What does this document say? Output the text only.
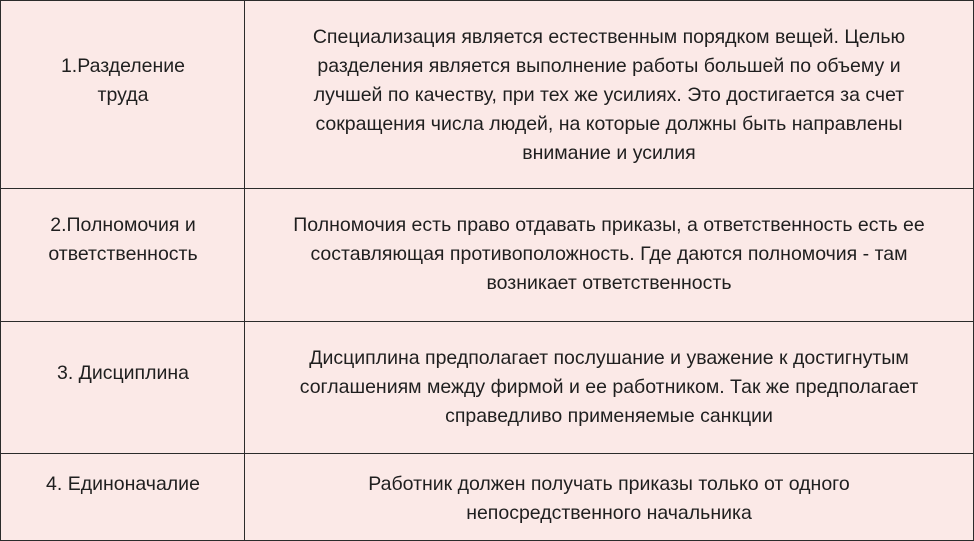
1.Разделение
труда
Специализация является естественным порядком вещей. Целью
разделения является выполнение работы большей по объему и
лучшей по качеству, при тех же усилиях. Это достигается за счет
сокращения числа людей, на которые должны быть направлены
внимание и усилия
2.Полномочия и
ответственность
Полномочия есть право отдавать приказы, а ответственность есть ее
составляющая противоположность. Где даются полномочия - там
возникает ответственность
3. Дисциплина
Дисциплина предполагает послушание и уважение к достигнутым
соглашениям между фирмой и ее работником. Так же предполагает
справедливо применяемые санкции
4. Единоначалие	Работник должен получать приказы только от одного
непосредственного начальника
